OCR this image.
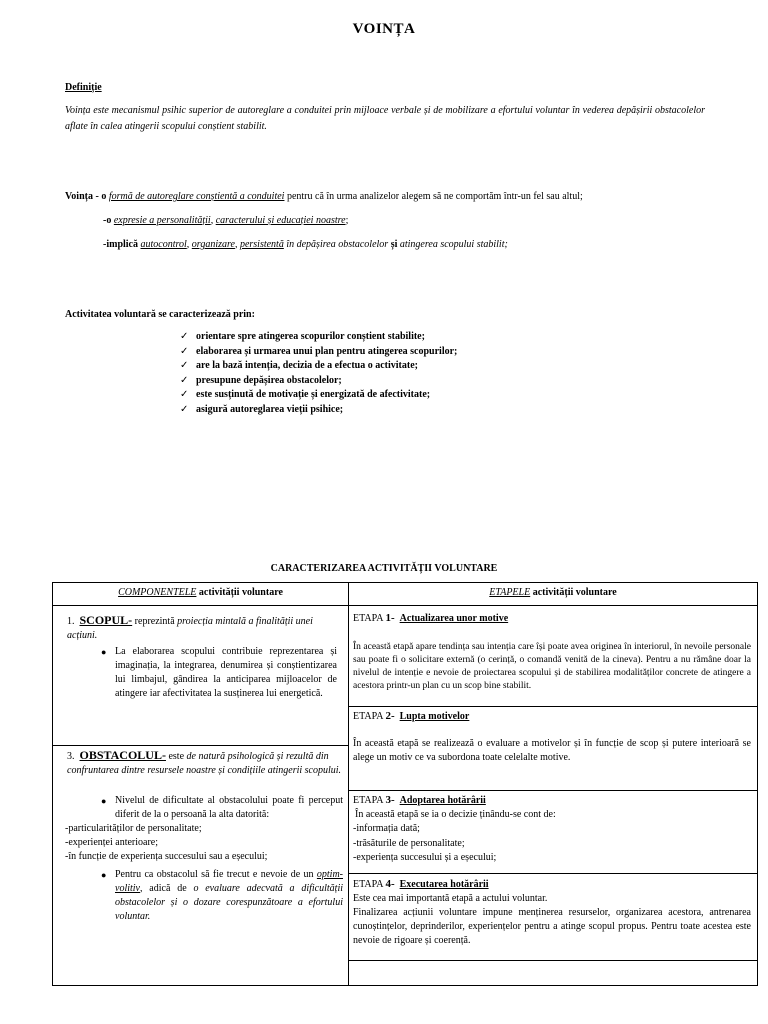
VOINȚA
Definiție
Voința este mecanismul psihic superior de autoreglare a conduitei prin mijloace verbale și de mobilizare a efortului voluntar în vederea depășirii obstacolelor aflate în calea atingerii scopului conștient stabilit.
Voința - o formă de autoreglare conștientă a conduitei pentru că în urma analizelor alegem să ne comportăm într-un fel sau altul;
-o expresie a personalității, caracterului și educației noastre;
-implică autocontrol, organizare, persistentă în depășirea obstacolelor și atingerea scopului stabilit;
Activitatea voluntară se caracterizează prin:
✓ orientare spre atingerea scopurilor conștient stabilite;
✓ elaborarea și urmarea unui plan pentru atingerea scopurilor;
✓ are la bază intenția, decizia de a efectua o activitate;
✓ presupune depășirea obstacolelor;
✓ este susținută de motivație și energizată de afectivitate;
✓ asigură autoreglarea vieții psihice;
CARACTERIZAREA ACTIVITĂȚII VOLUNTARE
COMPONENTELE activității voluntare	ETAPELE activității voluntare
1. SCOPUL- reprezintă proiecția mintală a finalității unei acțiuni.
● La elaborarea scopului contribuie reprezentarea și imaginația, la integrarea, denumirea și conștientizarea lui limbajul, gândirea la anticiparea mijloacelor de atingere iar afectivitatea la susținerea lui energetică.
3. OBSTACOLUL- este de natură psihologică și rezultă din confruntarea dintre resursele noastre și condițiile atingerii scopului.
● Nivelul de dificultate al obstacolului poate fi perceput diferit de la o persoană la alta datorită:
-particularităților de personalitate;
-experienței anterioare;
-în funcție de experiența succesului sau a eșecului;
● Pentru ca obstacolul să fie trecut e nevoie de un optim-volitiv, adică de o evaluare adecvată a dificultății obstacolelor și o dozare corespunzătoare a efortului voluntar.
ETAPA 1- Actualizarea unor motive
În această etapă apare tendința sau intenția care își poate avea originea în interiorul, în nevoile personale sau poate fi o solicitare externă (o cerință, o comandă venită de la cineva). Pentru a nu rămâne doar la nivelul de intenție e nevoie de proiectarea scopului și de stabilirea modalităților concrete de atingere a acestora printr-un plan cu un scop bine stabilit.
ETAPA 2- Lupta motivelor
În această etapă se realizează o evaluare a motivelor și în funcție de scop și putere interioară se alege un motiv ce va subordona toate celelalte motive.
ETAPA 3- Adoptarea hotărârii
În această etapă se ia o decizie ținându-se cont de:
-informația dată;
-trăsăturile de personalitate;
-experiența succesului și a eșecului;
ETAPA 4- Executarea hotărârii
Este cea mai importantă etapă a actului voluntar.
Finalizarea acțiunii voluntare impune menținerea resurselor, organizarea acestora, antrenarea cunoștințelor, deprinderilor, experiențelor pentru a atinge scopul propus. Pentru toate acestea este nevoie de rigoare și coerență.
